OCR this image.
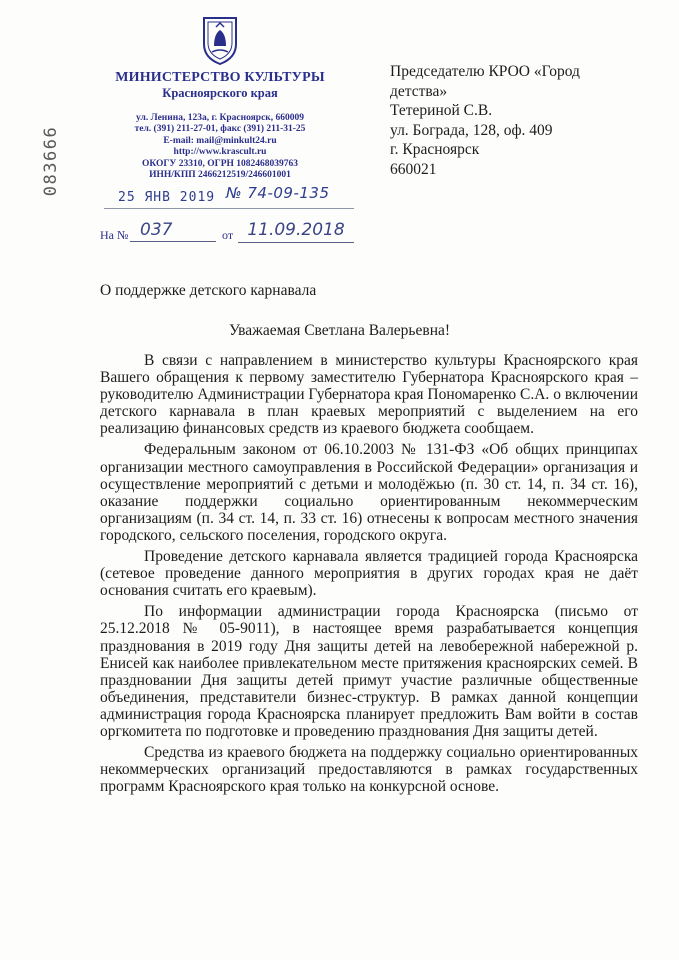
083666
МИНИСТЕРСТВО КУЛЬТУРЫ
Красноярского края
ул. Ленина, 123а, г. Красноярск, 660009
тел. (391) 211-27-01, факс (391) 211-31-25
E-mail: mail@minkult24.ru
http://www.krascult.ru
ОКОГУ 23310, ОГРН 1082468039763
ИНН/КПП 2466212519/246601001
25 ЯНВ 2019 № 74-09-135
На № 037	от 11.09.2018
Председателю КРОО «Город
детства»
Тетериной С.В.
ул. Бограда, 128, оф. 409
г. Красноярск
660021
О поддержке детского карнавала
Уважаемая Светлана Валерьевна!

В связи с направлением в министерство культуры Красноярского края Вашего обращения к первому заместителю Губернатора Красноярского края – руководителю Администрации Губернатора края Пономаренко С.А. о включении детского карнавала в план краевых мероприятий с выделением на его реализацию финансовых средств из краевого бюджета сообщаем.

Федеральным законом от 06.10.2003 № 131-ФЗ «Об общих принципах организации местного самоуправления в Российской Федерации» организация и осуществление мероприятий с детьми и молодёжью (п. 30 ст. 14, п. 34 ст. 16), оказание поддержки социально ориентированным некоммерческим организациям (п. 34 ст. 14, п. 33 ст. 16) отнесены к вопросам местного значения городского, сельского поселения, городского округа.

Проведение детского карнавала является традицией города Красноярска (сетевое проведение данного мероприятия в других городах края не даёт основания считать его краевым).

По информации администрации города Красноярска (письмо от 25.12.2018 № 05-9011), в настоящее время разрабатывается концепция празднования в 2019 году Дня защиты детей на левобережной набережной р. Енисей как наиболее привлекательном месте притяжения красноярских семей. В праздновании Дня защиты детей примут участие различные общественные объединения, представители бизнес-структур. В рамках данной концепции администрация города Красноярска планирует предложить Вам войти в состав оргкомитета по подготовке и проведению празднования Дня защиты детей.

Средства из краевого бюджета на поддержку социально ориентированных некоммерческих организаций предоставляются в рамках государственных программ Красноярского края только на конкурсной основе.
